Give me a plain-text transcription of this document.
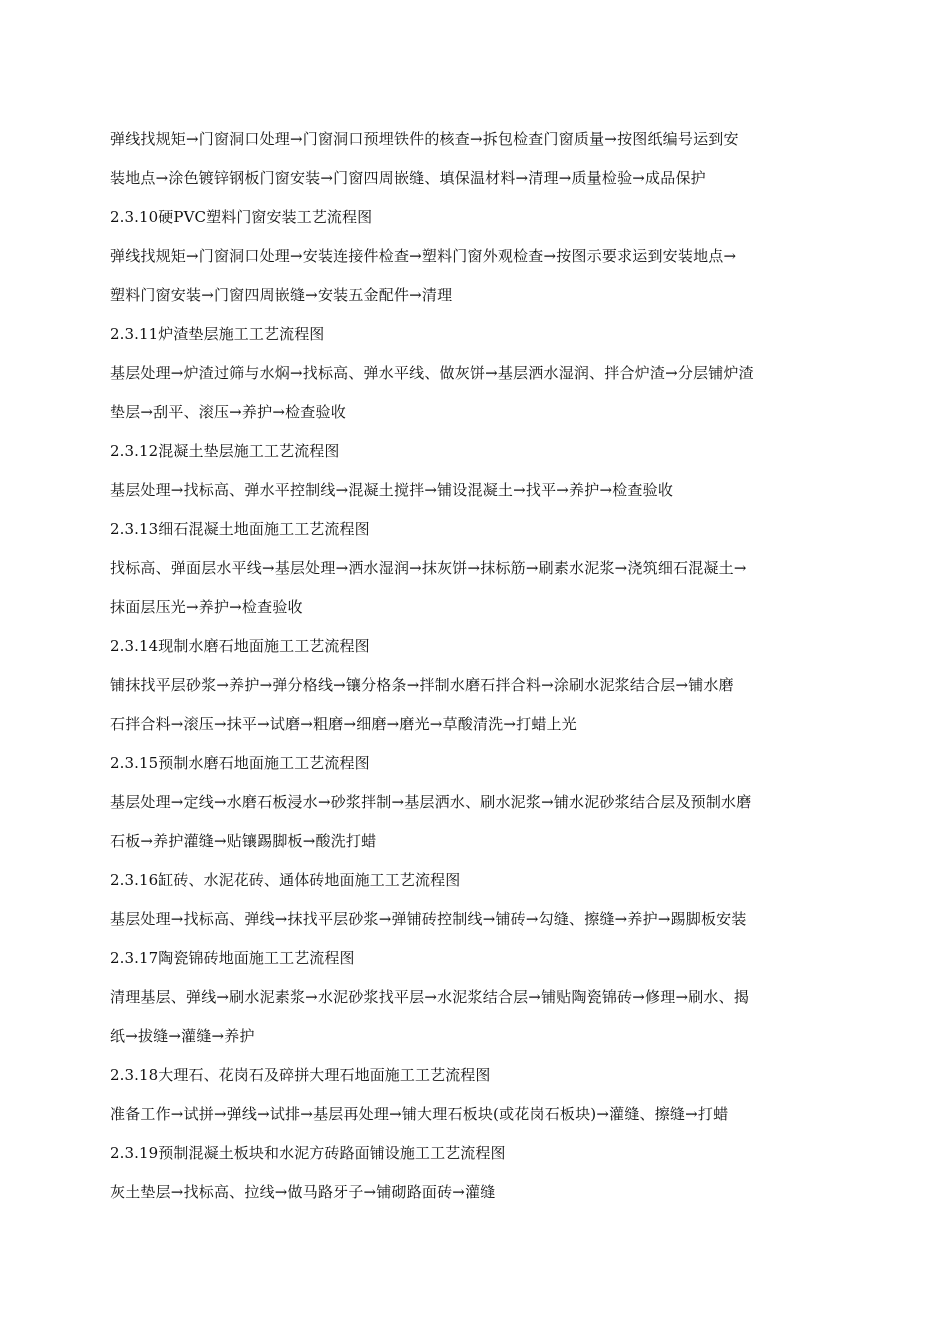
弹线找规矩→门窗洞口处理→门窗洞口预埋铁件的核查→拆包检查门窗质量→按图纸编号运到安
装地点→涂色镀锌钢板门窗安装→门窗四周嵌缝、填保温材料→清理→质量检验→成品保护
2.3.10硬PVC塑料门窗安装工艺流程图
弹线找规矩→门窗洞口处理→安装连接件检查→塑料门窗外观检查→按图示要求运到安装地点→
塑料门窗安装→门窗四周嵌缝→安装五金配件→清理
2.3.11炉渣垫层施工工艺流程图
基层处理→炉渣过筛与水焖→找标高、弹水平线、做灰饼→基层洒水湿润、拌合炉渣→分层铺炉渣
垫层→刮平、滚压→养护→检查验收
2.3.12混凝土垫层施工工艺流程图
基层处理→找标高、弹水平控制线→混凝土搅拌→铺设混凝土→找平→养护→检查验收
2.3.13细石混凝土地面施工工艺流程图
找标高、弹面层水平线→基层处理→洒水湿润→抹灰饼→抹标筋→刷素水泥浆→浇筑细石混凝土→
抹面层压光→养护→检查验收
2.3.14现制水磨石地面施工工艺流程图
铺抹找平层砂浆→养护→弹分格线→镶分格条→拌制水磨石拌合料→涂刷水泥浆结合层→铺水磨
石拌合料→滚压→抹平→试磨→粗磨→细磨→磨光→草酸清洗→打蜡上光
2.3.15预制水磨石地面施工工艺流程图
基层处理→定线→水磨石板浸水→砂浆拌制→基层洒水、刷水泥浆→铺水泥砂浆结合层及预制水磨
石板→养护灌缝→贴镶踢脚板→酸洗打蜡
2.3.16缸砖、水泥花砖、通体砖地面施工工艺流程图
基层处理→找标高、弹线→抹找平层砂浆→弹铺砖控制线→铺砖→勾缝、擦缝→养护→踢脚板安装
2.3.17陶瓷锦砖地面施工工艺流程图
清理基层、弹线→刷水泥素浆→水泥砂浆找平层→水泥浆结合层→铺贴陶瓷锦砖→修理→刷水、揭
纸→拔缝→灌缝→养护
2.3.18大理石、花岗石及碎拼大理石地面施工工艺流程图
准备工作→试拼→弹线→试排→基层再处理→铺大理石板块(或花岗石板块)→灌缝、擦缝→打蜡
2.3.19预制混凝土板块和水泥方砖路面铺设施工工艺流程图
灰土垫层→找标高、拉线→做马路牙子→铺砌路面砖→灌缝
